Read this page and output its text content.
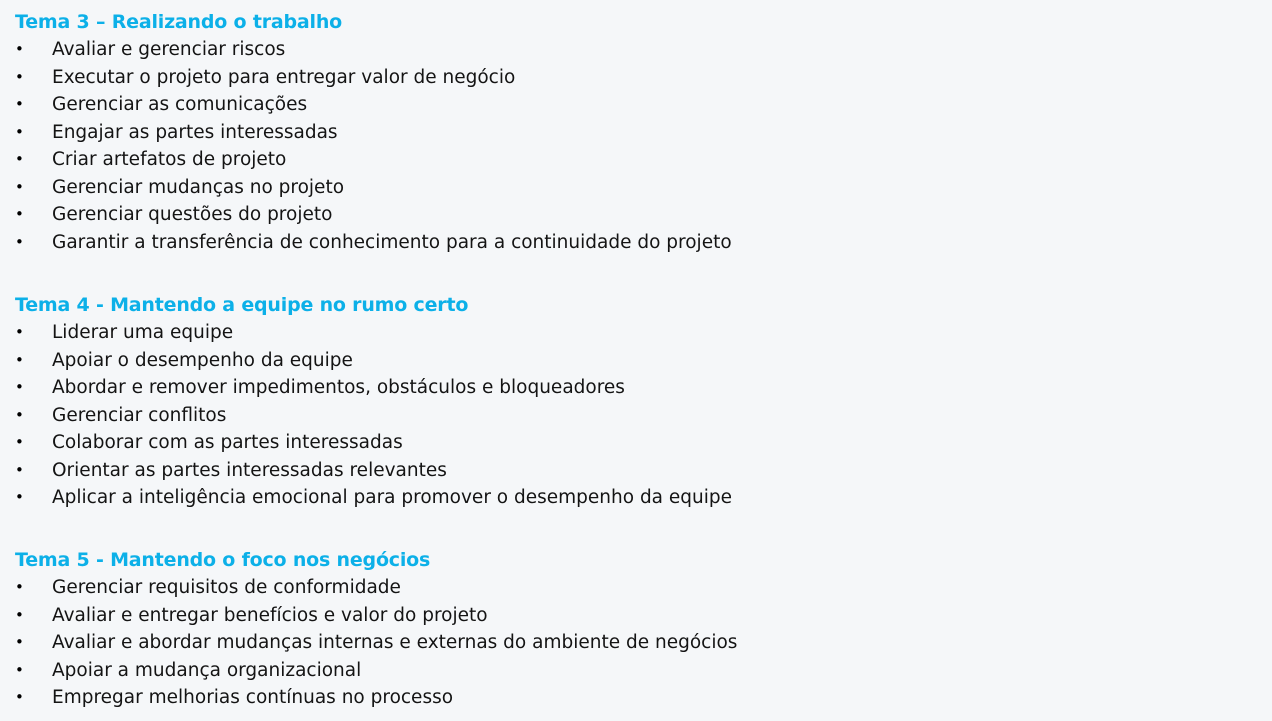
Tema 3 – Realizando o trabalho
• Avaliar e gerenciar riscos
• Executar o projeto para entregar valor de negócio
• Gerenciar as comunicações
• Engajar as partes interessadas
• Criar artefatos de projeto
• Gerenciar mudanças no projeto
• Gerenciar questões do projeto
• Garantir a transferência de conhecimento para a continuidade do projeto
Tema 4 - Mantendo a equipe no rumo certo
• Liderar uma equipe
• Apoiar o desempenho da equipe
• Abordar e remover impedimentos, obstáculos e bloqueadores
• Gerenciar conflitos
• Colaborar com as partes interessadas
• Orientar as partes interessadas relevantes
• Aplicar a inteligência emocional para promover o desempenho da equipe
Tema 5 - Mantendo o foco nos negócios
• Gerenciar requisitos de conformidade
• Avaliar e entregar benefícios e valor do projeto
• Avaliar e abordar mudanças internas e externas do ambiente de negócios
• Apoiar a mudança organizacional
• Empregar melhorias contínuas no processo
